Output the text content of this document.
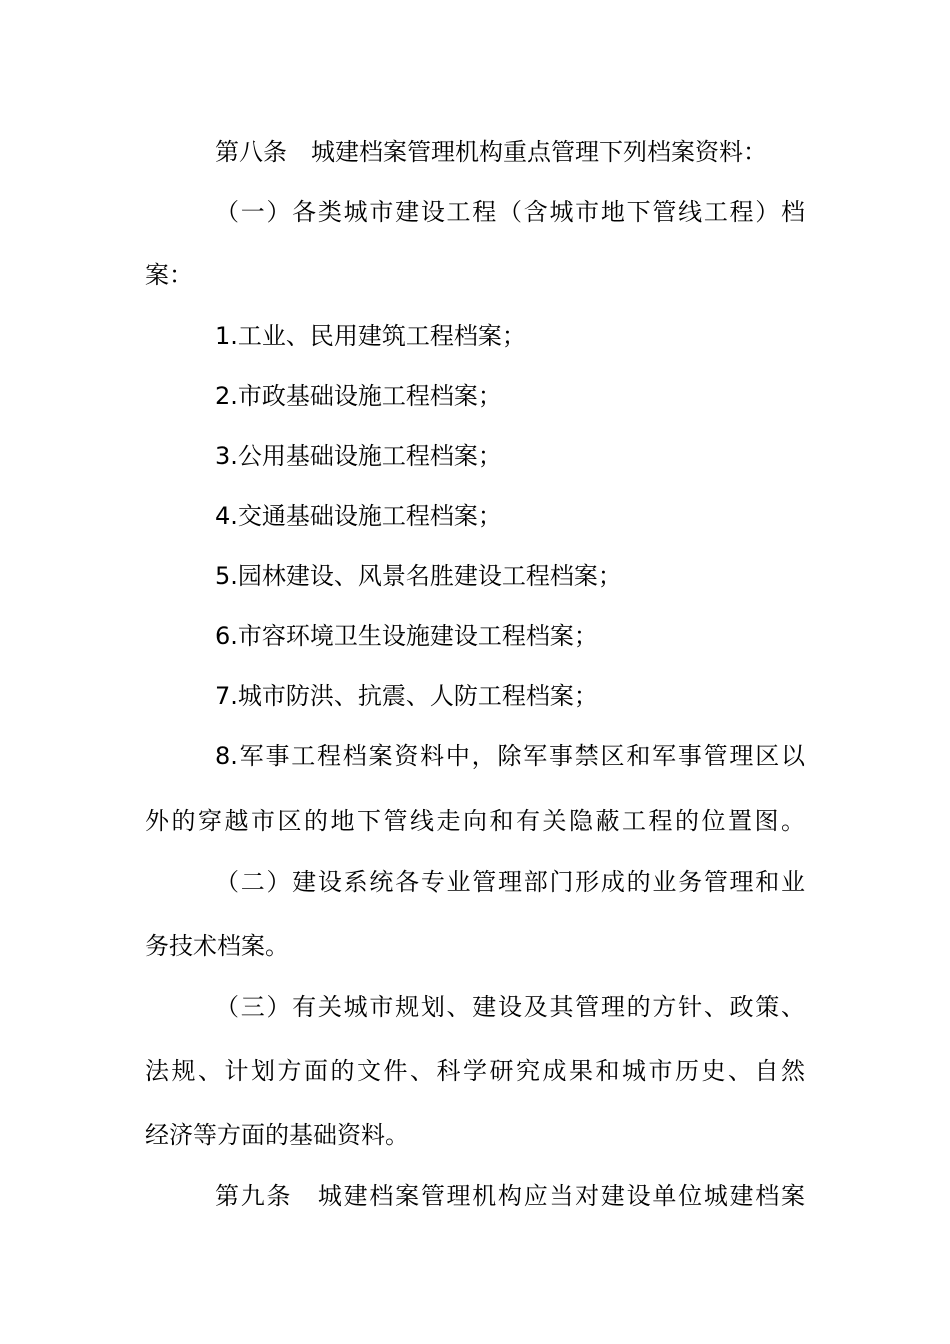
第八条　城建档案管理机构重点管理下列档案资料：
（一）各类城市建设工程（含城市地下管线工程）档
案：
1.工业、民用建筑工程档案；
2.市政基础设施工程档案；
3.公用基础设施工程档案；
4.交通基础设施工程档案；
5.园林建设、风景名胜建设工程档案；
6.市容环境卫生设施建设工程档案；
7.城市防洪、抗震、人防工程档案；
8.军事工程档案资料中，除军事禁区和军事管理区以
外的穿越市区的地下管线走向和有关隐蔽工程的位置图。
（二）建设系统各专业管理部门形成的业务管理和业
务技术档案。
（三）有关城市规划、建设及其管理的方针、政策、
法规、计划方面的文件、科学研究成果和城市历史、自然
经济等方面的基础资料。
第九条　城建档案管理机构应当对建设单位城建档案
